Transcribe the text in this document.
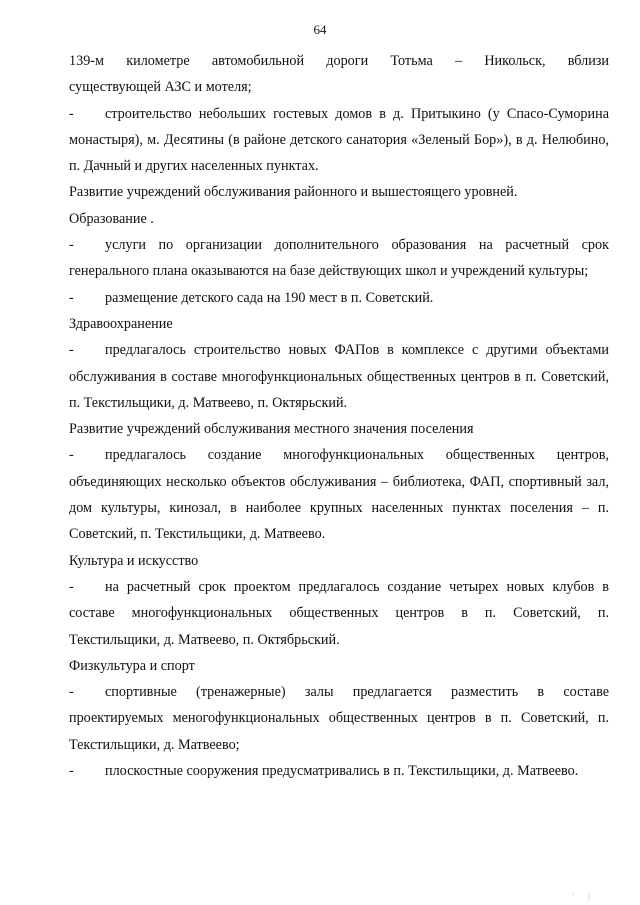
64

139-м километре автомобильной дороги Тотьма – Никольск, вблизи
существующей АЗС и мотеля;

- строительство небольших гостевых домов в д. Притыкино (у Спасо-Суморина монастыря), м. Десятины (в районе детского санатория «Зеленый Бор»), в д. Нелюбино, п. Дачный и других населенных пунктах.

Развитие учреждений обслуживания районного и вышестоящего уровней.

Образование .

- услуги по организации дополнительного образования на расчетный срок генерального плана оказываются на базе действующих школ и учреждений культуры;

- размещение детского сада на 190 мест в п. Советский.

Здравоохранение

- предлагалось строительство новых ФАПов в комплексе с другими объектами обслуживания в составе многофункциональных общественных центров в п. Советский, п. Текстильщики, д. Матвеево, п. Октярьский.

Развитие учреждений обслуживания местного значения поселения

- предлагалось создание многофункциональных общественных центров, объединяющих несколько объектов обслуживания – библиотека, ФАП, спортивный зал, дом культуры, кинозал, в наиболее крупных населенных пунктах поселения – п. Советский, п. Текстильщики, д. Матвеево.

Культура и искусство

- на расчетный срок проектом предлагалось создание четырех новых клубов в составе многофункциональных общественных центров в п. Советский, п. Текстильщики, д. Матвеево, п. Октябрьский.

Физкультура и спорт

- спортивные (тренажерные) залы предлагается разместить в составе проектируемых меногофункциональных общественных центров в п. Советский, п. Текстильщики, д. Матвеево;

- плоскостные сооружения предусматривались в п. Текстильщики, д. Матвеево.

' |
